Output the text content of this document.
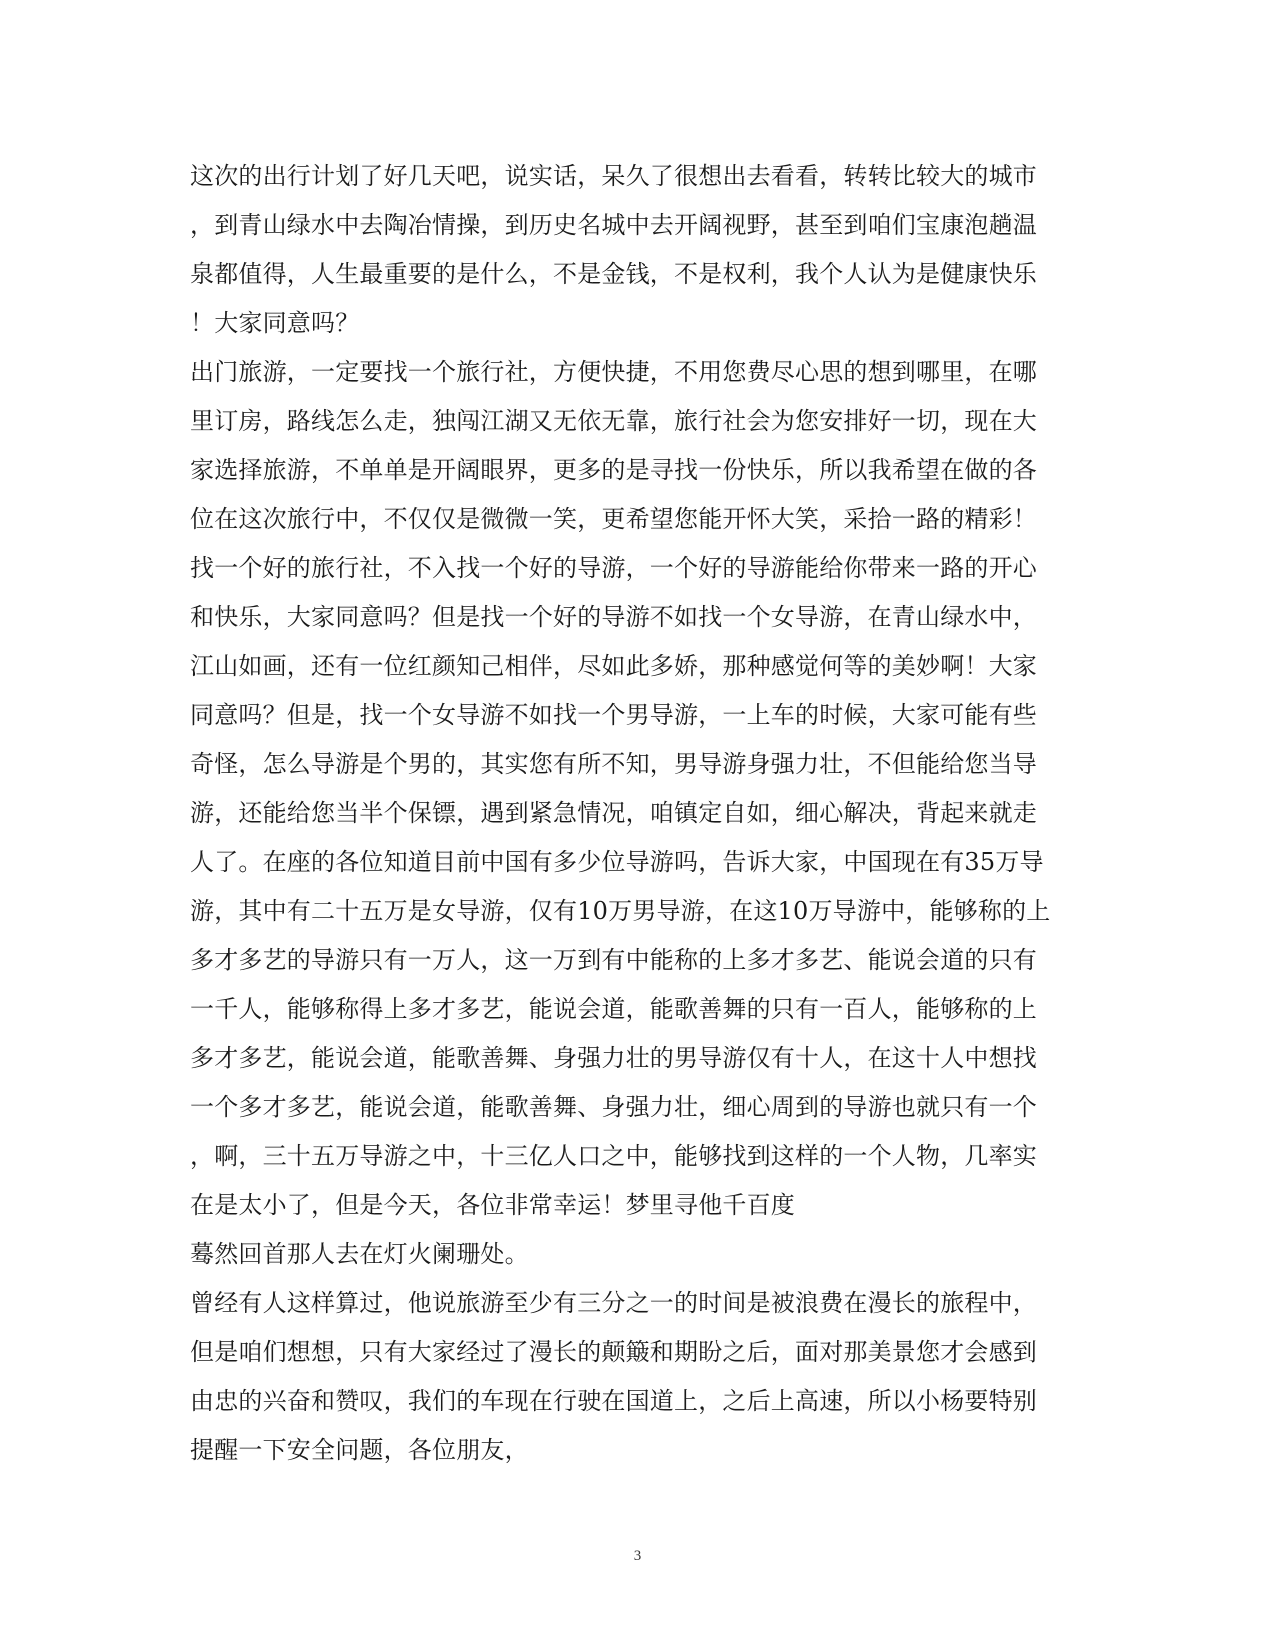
这次的出行计划了好几天吧，说实话，呆久了很想出去看看，转转比较大的城市
，到青山绿水中去陶冶情操，到历史名城中去开阔视野，甚至到咱们宝康泡趟温
泉都值得，人生最重要的是什么，不是金钱，不是权利，我个人认为是健康快乐
！大家同意吗？
出门旅游，一定要找一个旅行社，方便快捷，不用您费尽心思的想到哪里，在哪
里订房，路线怎么走，独闯江湖又无依无靠，旅行社会为您安排好一切，现在大
家选择旅游，不单单是开阔眼界，更多的是寻找一份快乐，所以我希望在做的各
位在这次旅行中，不仅仅是微微一笑，更希望您能开怀大笑，采拾一路的精彩！
找一个好的旅行社，不入找一个好的导游，一个好的导游能给你带来一路的开心
和快乐，大家同意吗？但是找一个好的导游不如找一个女导游，在青山绿水中，
江山如画，还有一位红颜知己相伴，尽如此多娇，那种感觉何等的美妙啊！大家
同意吗？但是，找一个女导游不如找一个男导游，一上车的时候，大家可能有些
奇怪，怎么导游是个男的，其实您有所不知，男导游身强力壮，不但能给您当导
游，还能给您当半个保镖，遇到紧急情况，咱镇定自如，细心解决，背起来就走
人了。在座的各位知道目前中国有多少位导游吗，告诉大家，中国现在有35万导
游，其中有二十五万是女导游，仅有10万男导游，在这10万导游中，能够称的上
多才多艺的导游只有一万人，这一万到有中能称的上多才多艺、能说会道的只有
一千人，能够称得上多才多艺，能说会道，能歌善舞的只有一百人，能够称的上
多才多艺，能说会道，能歌善舞、身强力壮的男导游仅有十人，在这十人中想找
一个多才多艺，能说会道，能歌善舞、身强力壮，细心周到的导游也就只有一个
，啊，三十五万导游之中，十三亿人口之中，能够找到这样的一个人物，几率实
在是太小了，但是今天，各位非常幸运！梦里寻他千百度
蓦然回首那人去在灯火阑珊处。
曾经有人这样算过，他说旅游至少有三分之一的时间是被浪费在漫长的旅程中，
但是咱们想想，只有大家经过了漫长的颠簸和期盼之后，面对那美景您才会感到
由忠的兴奋和赞叹，我们的车现在行驶在国道上，之后上高速，所以小杨要特别
提醒一下安全问题，各位朋友，
3
